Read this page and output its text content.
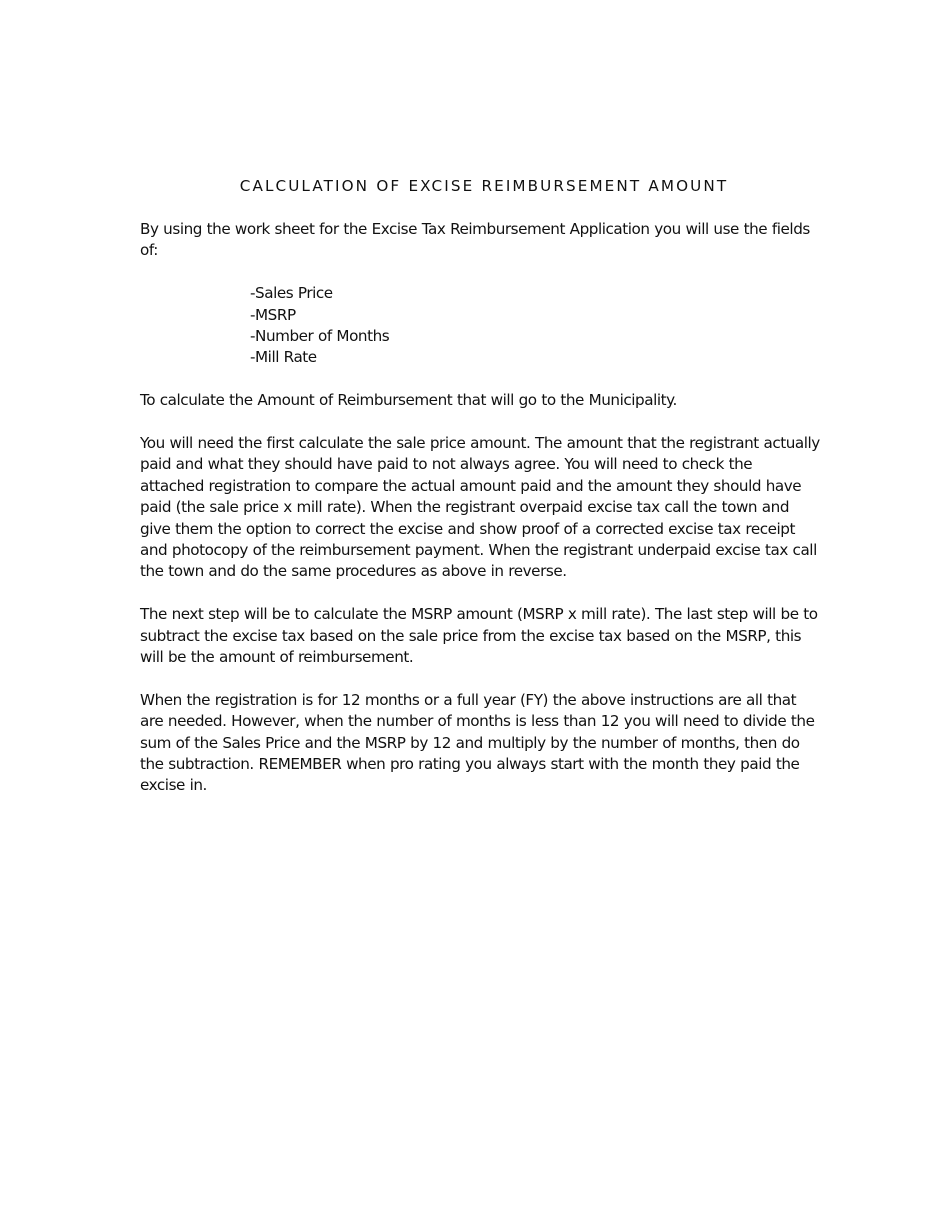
CALCULATION OF EXCISE REIMBURSEMENT AMOUNT

By using the work sheet for the Excise Tax Reimbursement Application you will use the fields of:

-Sales Price
-MSRP
-Number of Months
-Mill Rate

To calculate the Amount of Reimbursement that will go to the Municipality.

You will need the first calculate the sale price amount. The amount that the registrant actually paid and what they should have paid to not always agree. You will need to check the attached registration to compare the actual amount paid and the amount they should have paid (the sale price x mill rate). When the registrant overpaid excise tax call the town and give them the option to correct the excise and show proof of a corrected excise tax receipt and photocopy of the reimbursement payment. When the registrant underpaid excise tax call the town and do the same procedures as above in reverse.

The next step will be to calculate the MSRP amount (MSRP x mill rate). The last step will be to subtract the excise tax based on the sale price from the excise tax based on the MSRP, this will be the amount of reimbursement.

When the registration is for 12 months or a full year (FY) the above instructions are all that are needed. However, when the number of months is less than 12 you will need to divide the sum of the Sales Price and the MSRP by 12 and multiply by the number of months, then do the subtraction. REMEMBER when pro rating you always start with the month they paid the excise in.
